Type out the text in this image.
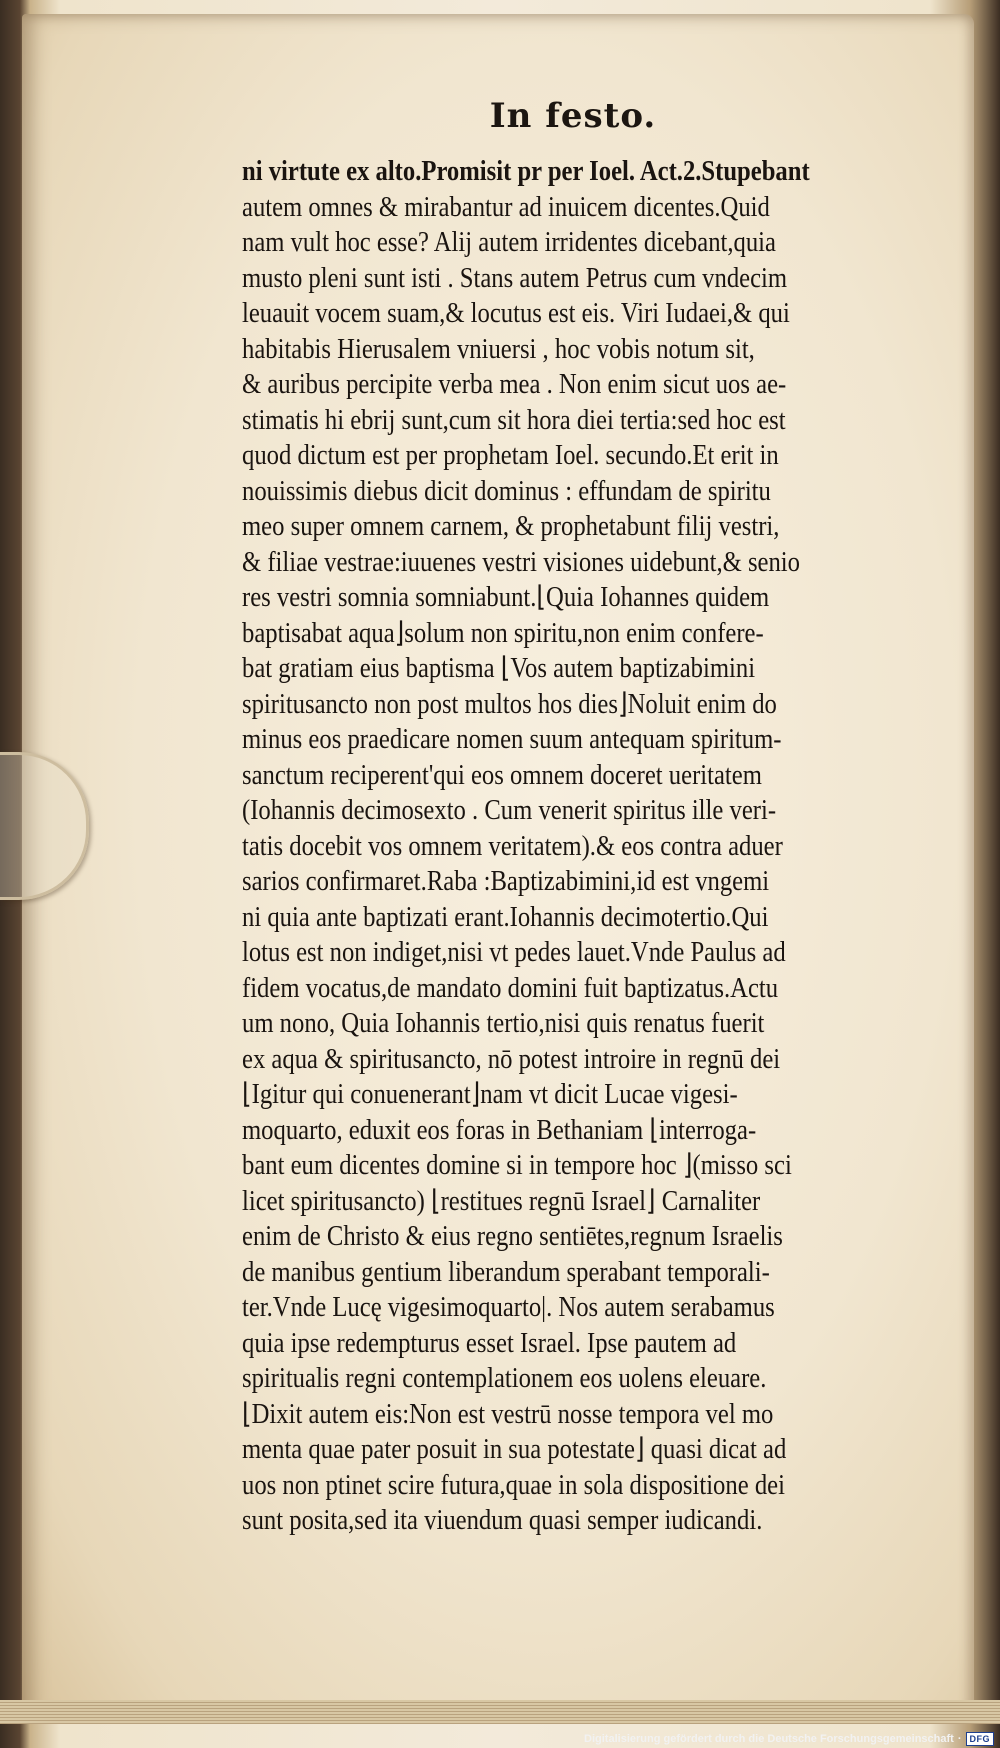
In festo.
ni virtute ex alto.Promisit pr per Ioel. Act.2.Stupebant
autem omnes & mirabantur ad inuicem dicentes.Quid
nam vult hoc esse? Alij autem irridentes dicebant,quia
musto pleni sunt isti . Stans autem Petrus cum vndecim
leuauit vocem suam,& locutus est eis. Viri Iudaei,& qui
habitabis Hierusalem vniuersi , hoc vobis notum sit,
& auribus percipite verba mea . Non enim sicut uos ae-
stimatis hi ebrij sunt,cum sit hora diei tertia:sed hoc est
quod dictum est per prophetam Ioel. secundo.Et erit in
nouissimis diebus dicit dominus : effundam de spiritu
meo super omnem carnem, & prophetabunt filij vestri,
& filiae vestrae:iuuenes vestri visiones uidebunt,& senio
res vestri somnia somniabunt.⌊Quia Iohannes quidem
baptisabat aqua⌋solum non spiritu,non enim confere-
bat gratiam eius baptisma ⌊Vos autem baptizabimini
spiritusancto non post multos hos dies⌋Noluit enim do
minus eos praedicare nomen suum antequam spiritum-
sanctum reciperent'qui eos omnem doceret ueritatem
(Iohannis decimosexto . Cum venerit spiritus ille veri-
tatis docebit vos omnem veritatem).& eos contra aduer
sarios confirmaret.Raba :Baptizabimini,id est vngemi
ni quia ante baptizati erant.Iohannis decimotertio.Qui
lotus est non indiget,nisi vt pedes lauet.Vnde Paulus ad
fidem vocatus,de mandato domini fuit baptizatus.Actu
um nono, Quia Iohannis tertio,nisi quis renatus fuerit
ex aqua & spiritusancto, nō potest introire in regnū dei
⌊Igitur qui conuenerant⌋nam vt dicit Lucae vigesi-
moquarto, eduxit eos foras in Bethaniam ⌊interroga-
bant eum dicentes domine si in tempore hoc ⌋(misso sci
licet spiritusancto) ⌊restitues regnū Israel⌋ Carnaliter
enim de Christo & eius regno sentiētes,regnum Israelis
de manibus gentium liberandum sperabant temporali-
ter.Vnde Lucę vigesimoquarto|. Nos autem serabamus
quia ipse redempturus esset Israel. Ipse pautem ad
spiritualis regni contemplationem eos uolens eleuare.
⌊Dixit autem eis:Non est vestrū nosse tempora vel mo
menta quae pater posuit in sua potestate⌋ quasi dicat ad
uos non ptinet scire futura,quae in sola dispositione dei
sunt posita,sed ita viuendum quasi semper iudicandi.
Digitalisierung gefördert durch die Deutsche Forschungsgemeinschaft · DFG
